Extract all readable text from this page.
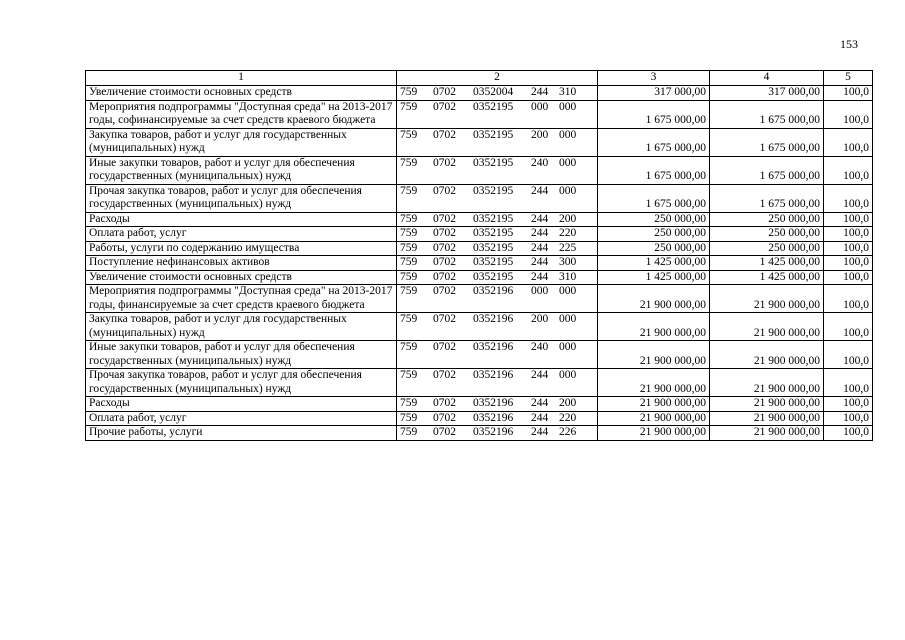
153
1	2	3	4	5
Увеличение стоимости основных средств	759 0702 0352004 244 310	317 000,00	317 000,00	100,0
Мероприятия подпрограммы "Доступная среда" на 2013-2017 годы, софинансируемые за счет средств краевого бюджета	759 0702 0352195 000 000	1 675 000,00	1 675 000,00	100,0
Закупка товаров, работ и услуг для государственных (муниципальных) нужд	759 0702 0352195 200 000	1 675 000,00	1 675 000,00	100,0
Иные закупки товаров, работ и услуг для обеспечения государственных (муниципальных) нужд	759 0702 0352195 240 000	1 675 000,00	1 675 000,00	100,0
Прочая закупка товаров, работ и услуг для обеспечения государственных (муниципальных) нужд	759 0702 0352195 244 000	1 675 000,00	1 675 000,00	100,0
Расходы	759 0702 0352195 244 200	250 000,00	250 000,00	100,0
Оплата работ, услуг	759 0702 0352195 244 220	250 000,00	250 000,00	100,0
Работы, услуги по содержанию имущества	759 0702 0352195 244 225	250 000,00	250 000,00	100,0
Поступление нефинансовых активов	759 0702 0352195 244 300	1 425 000,00	1 425 000,00	100,0
Увеличение стоимости основных средств	759 0702 0352195 244 310	1 425 000,00	1 425 000,00	100,0
Мероприятия подпрограммы "Доступная среда" на 2013-2017 годы, финансируемые за счет средств краевого бюджета	759 0702 0352196 000 000	21 900 000,00	21 900 000,00	100,0
Закупка товаров, работ и услуг для государственных (муниципальных) нужд	759 0702 0352196 200 000	21 900 000,00	21 900 000,00	100,0
Иные закупки товаров, работ и услуг для обеспечения государственных (муниципальных) нужд	759 0702 0352196 240 000	21 900 000,00	21 900 000,00	100,0
Прочая закупка товаров, работ и услуг для обеспечения государственных (муниципальных) нужд	759 0702 0352196 244 000	21 900 000,00	21 900 000,00	100,0
Расходы	759 0702 0352196 244 200	21 900 000,00	21 900 000,00	100,0
Оплата работ, услуг	759 0702 0352196 244 220	21 900 000,00	21 900 000,00	100,0
Прочие работы, услуги	759 0702 0352196 244 226	21 900 000,00	21 900 000,00	100,0
